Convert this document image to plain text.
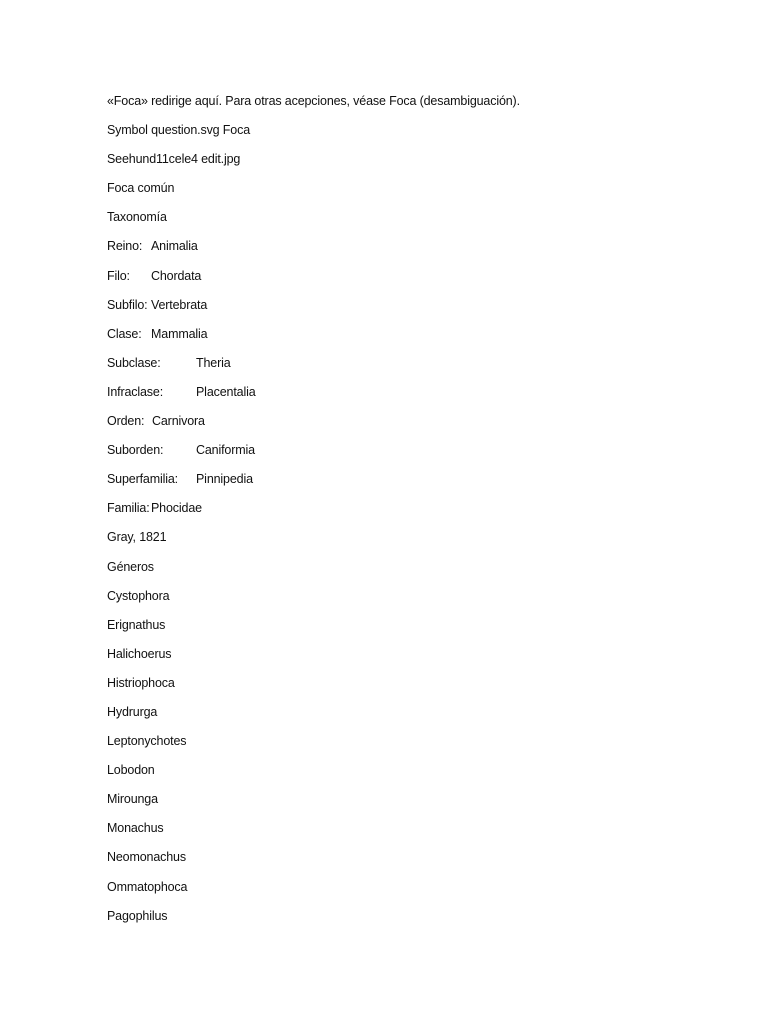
«Foca» redirige aquí. Para otras acepciones, véase Foca (desambiguación).
Symbol question.svg Foca
Seehund11cele4 edit.jpg
Foca común
Taxonomía
Reino: Animalia
Filo: Chordata
Subfilo: Vertebrata
Clase: Mammalia
Subclase:	Theria
Infraclase:	Placentalia
Orden: Carnivora
Suborden:	Caniformia
Superfamilia: Pinnipedia
Familia:Phocidae
Gray, 1821
Géneros
Cystophora
Erignathus
Halichoerus
Histriophoca
Hydrurga
Leptonychotes
Lobodon
Mirounga
Monachus
Neomonachus
Ommatophoca
Pagophilus
